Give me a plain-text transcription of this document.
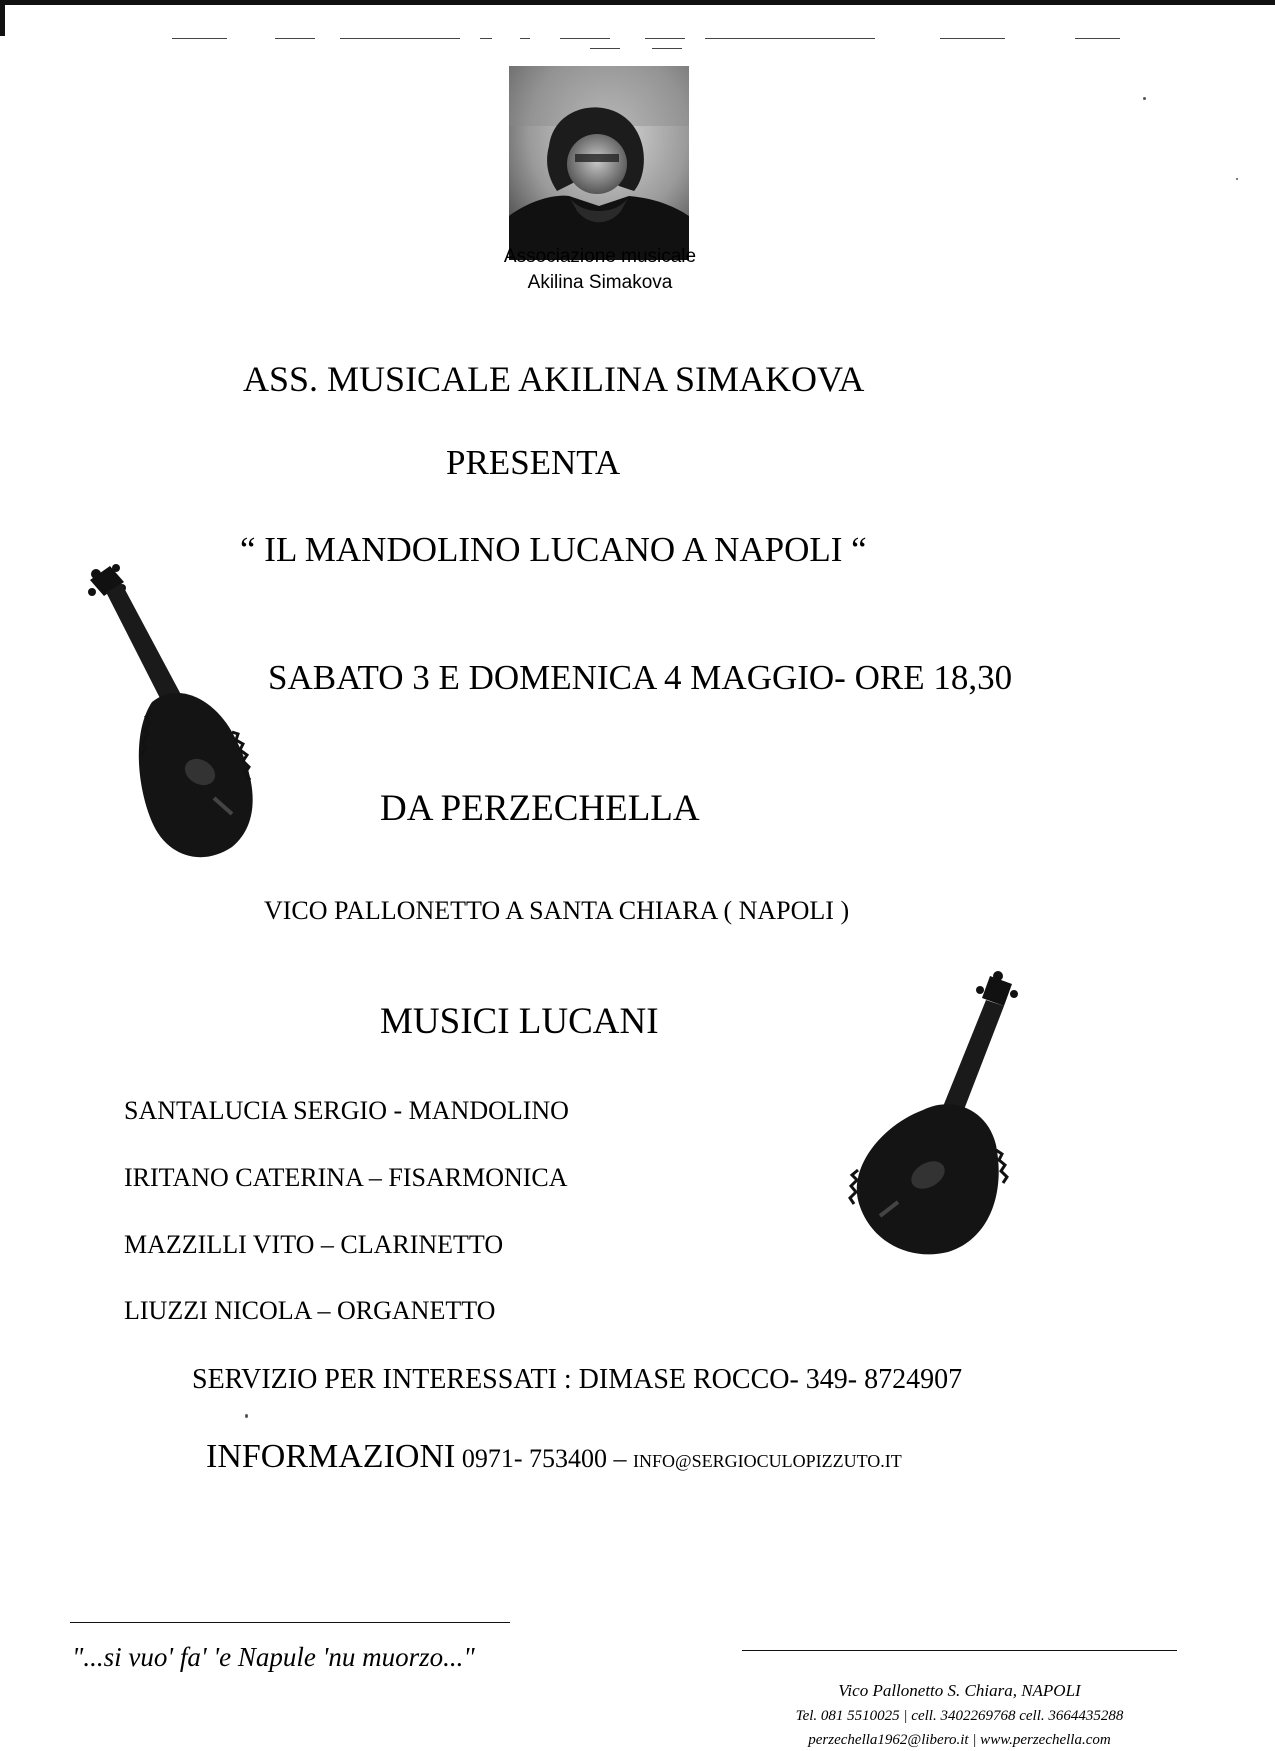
Associazione musicale
Akilina Simakova
ASS. MUSICALE AKILINA SIMAKOVA
PRESENTA
“ IL MANDOLINO LUCANO A NAPOLI “
SABATO 3 E DOMENICA 4 MAGGIO- ORE 18,30
DA PERZECHELLA
VICO PALLONETTO A SANTA CHIARA ( NAPOLI )
MUSICI LUCANI
SANTALUCIA SERGIO - MANDOLINO
IRITANO CATERINA – FISARMONICA
MAZZILLI VITO – CLARINETTO
LIUZZI NICOLA – ORGANETTO
SERVIZIO PER INTERESSATI : DIMASE ROCCO- 349- 8724907
INFORMAZIONI 0971- 753400 – INFO@SERGIOCULOPIZZUTO.IT
"...si vuo' fa' 'e Napule 'nu muorzo..."
Vico Pallonetto S. Chiara, NAPOLI
Tel. 081 5510025 | cell. 3402269768 cell. 3664435288
perzechella1962@libero.it | www.perzechella.com
